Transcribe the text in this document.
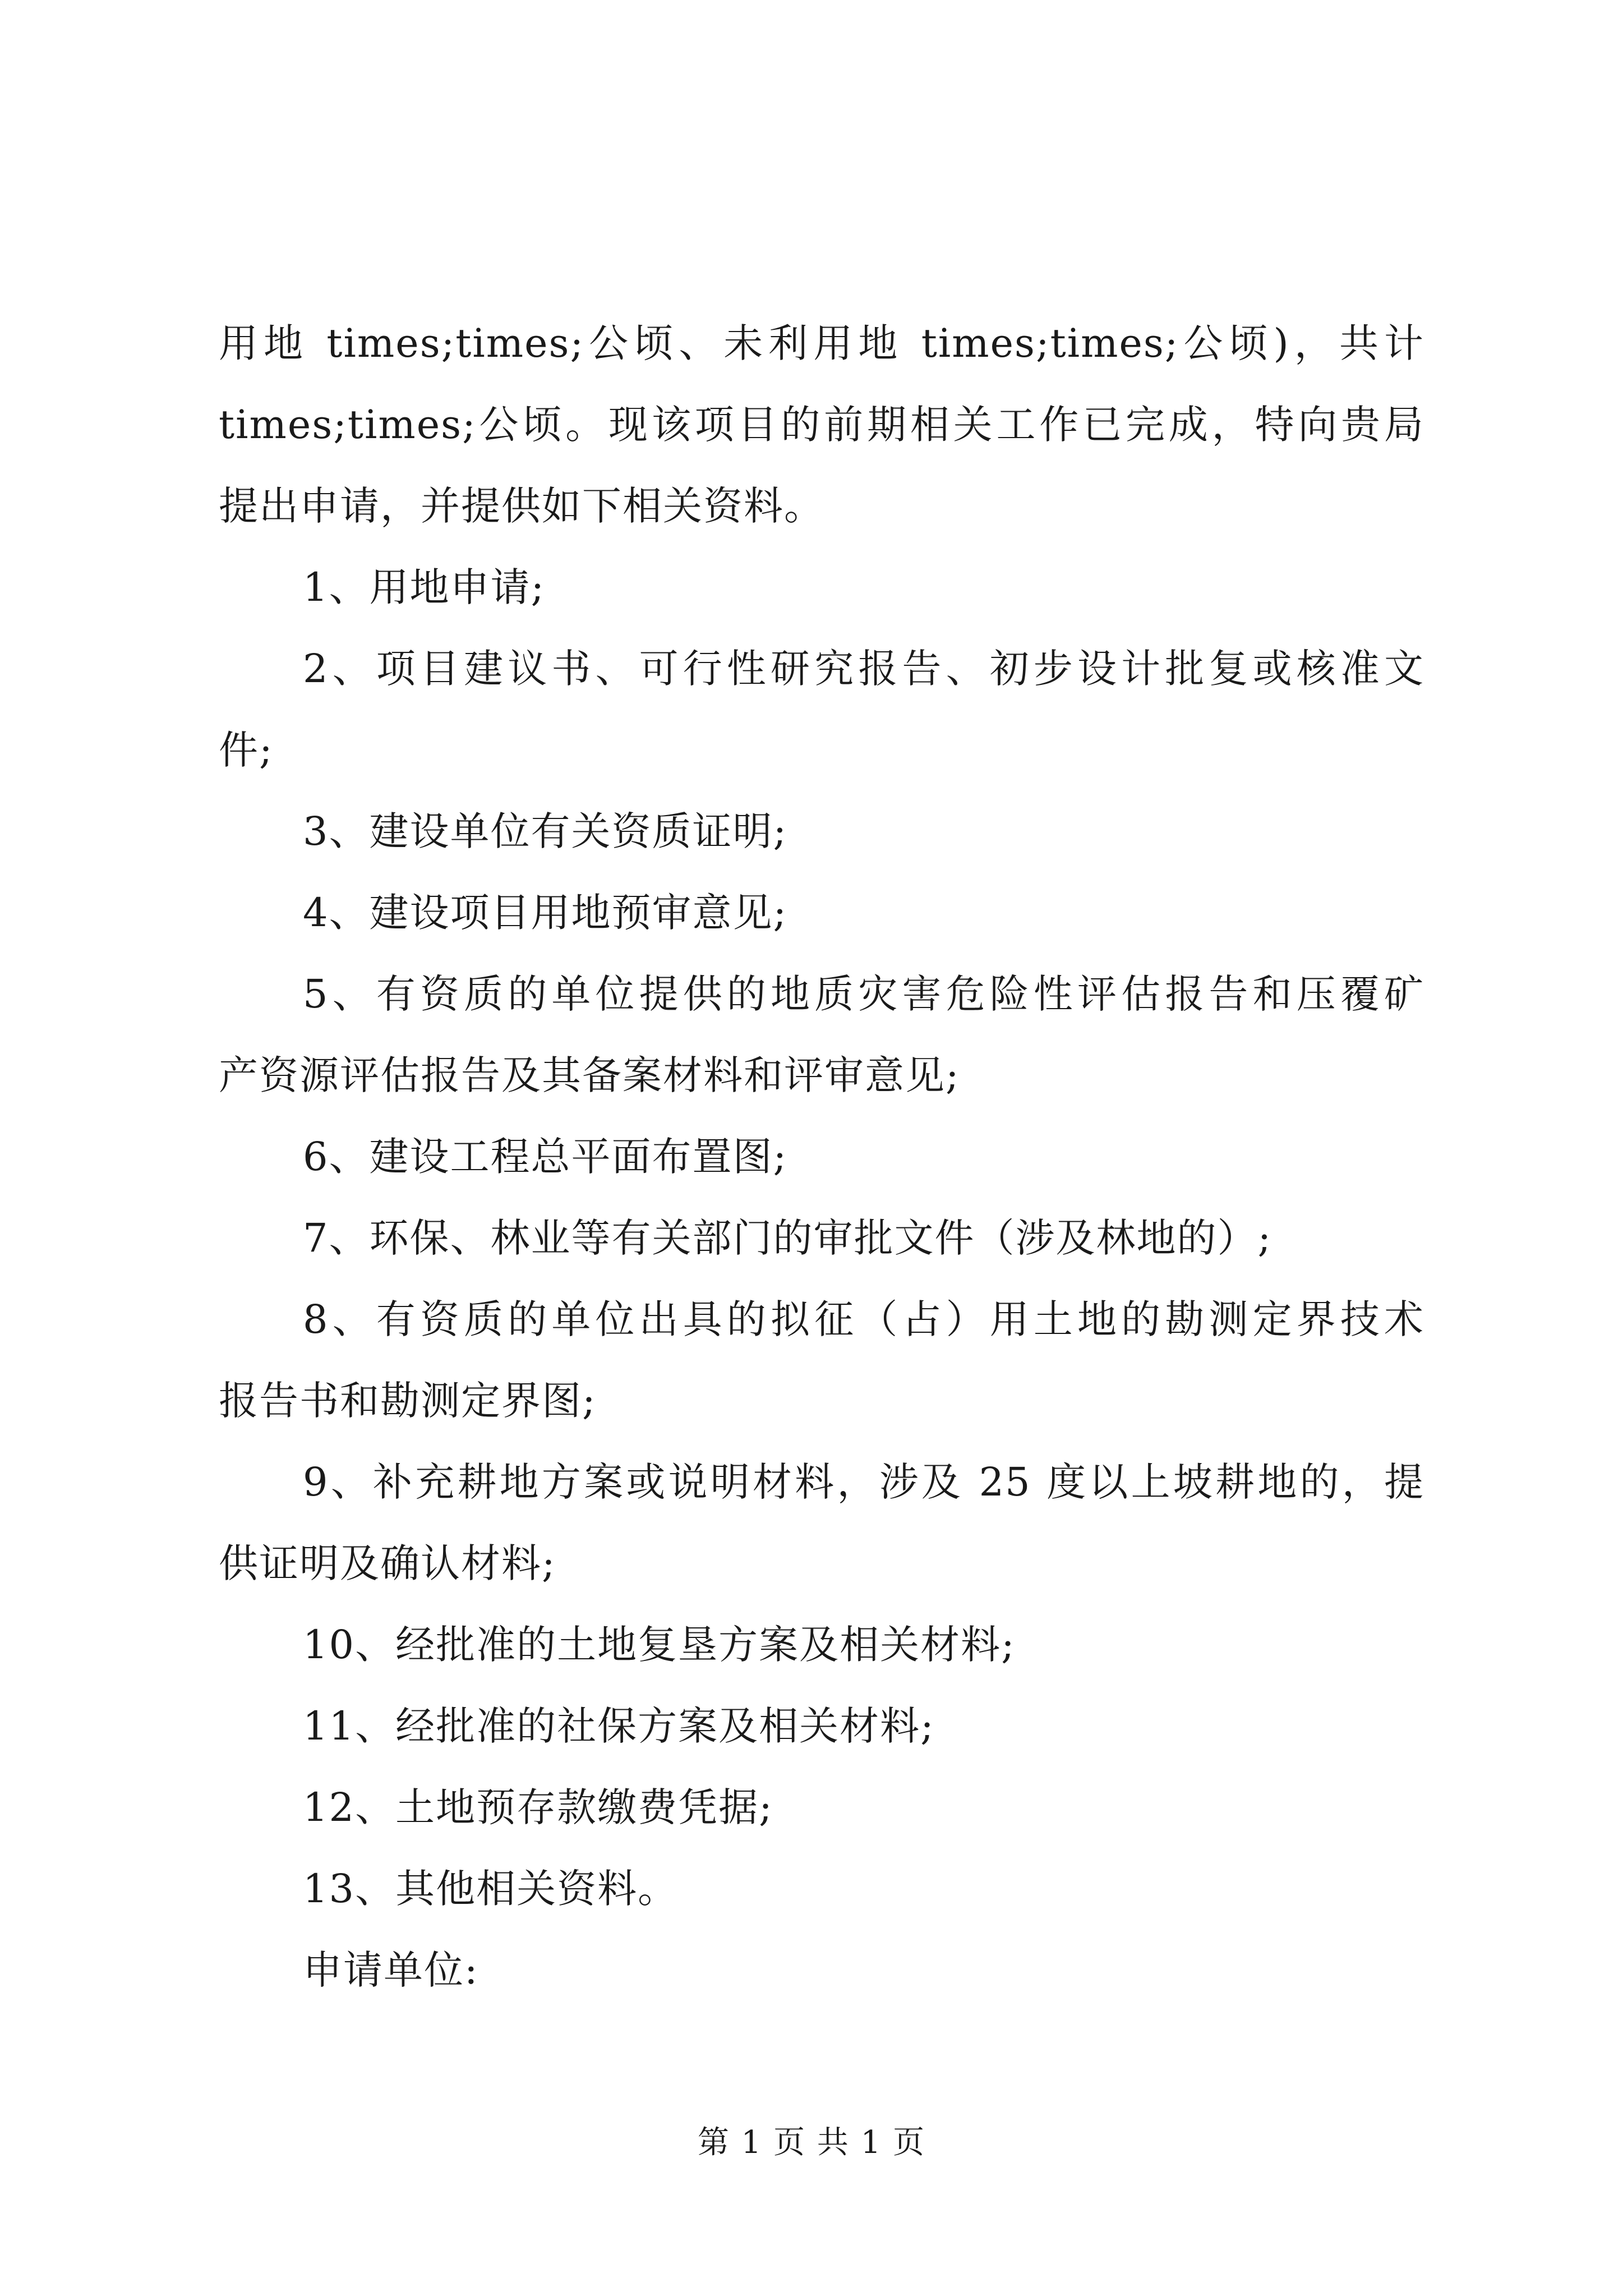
用地 times;times;公顷、未利用地 times;times;公顷)，共计
times;times;公顷。现该项目的前期相关工作已完成，特向贵局
提出申请，并提供如下相关资料。
1、用地申请;
2、项目建议书、可行性研究报告、初步设计批复或核准文
件;
3、建设单位有关资质证明;
4、建设项目用地预审意见;
5、有资质的单位提供的地质灾害危险性评估报告和压覆矿
产资源评估报告及其备案材料和评审意见;
6、建设工程总平面布置图;
7、环保、林业等有关部门的审批文件（涉及林地的）;
8、有资质的单位出具的拟征（占）用土地的勘测定界技术
报告书和勘测定界图;
9、补充耕地方案或说明材料，涉及 25 度以上坡耕地的，提
供证明及确认材料;
10、经批准的土地复垦方案及相关材料;
11、经批准的社保方案及相关材料;
12、土地预存款缴费凭据;
13、其他相关资料。
申请单位:
第 1 页 共 1 页
